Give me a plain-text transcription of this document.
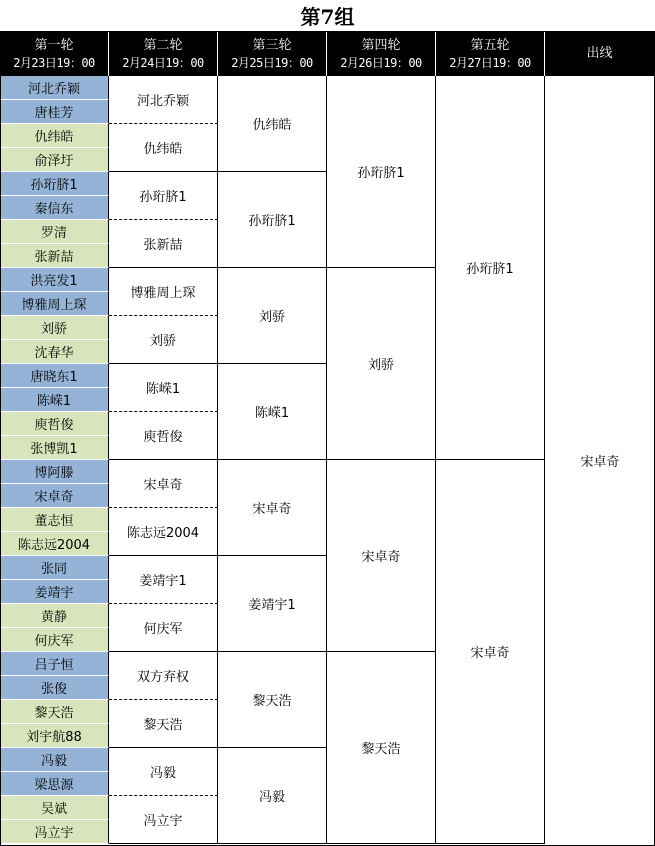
第7组
第一轮
2月23日19：00
第二轮
2月24日19：00
第三轮
2月25日19：00
第四轮
2月26日19：00
第五轮
2月27日19：00
出线
河北乔颖
唐桂芳
仇纬皓
俞泽圩
孙珩脐1
秦信东
罗清
张新喆
洪亮发1
博雅周上琛
刘骄
沈春华
唐晓东1
陈嵘1
庾哲俊
张博凯1
博阿滕
宋卓奇
董志恒
陈志远2004
张同
姜靖宇
黄静
何庆军
吕子恒
张俊
黎天浩
刘宇航88
冯毅
梁思源
吴斌
冯立宇
河北乔颖
仇纬皓
孙珩脐1
张新喆
博雅周上琛
刘骄
陈嵘1
庾哲俊
宋卓奇
陈志远2004
姜靖宇1
何庆军
双方弃权
黎天浩
冯毅
冯立宇
仇纬皓
孙珩脐1
刘骄
陈嵘1
宋卓奇
姜靖宇1
黎天浩
冯毅
孙珩脐1
刘骄
宋卓奇
黎天浩
孙珩脐1
宋卓奇
宋卓奇
